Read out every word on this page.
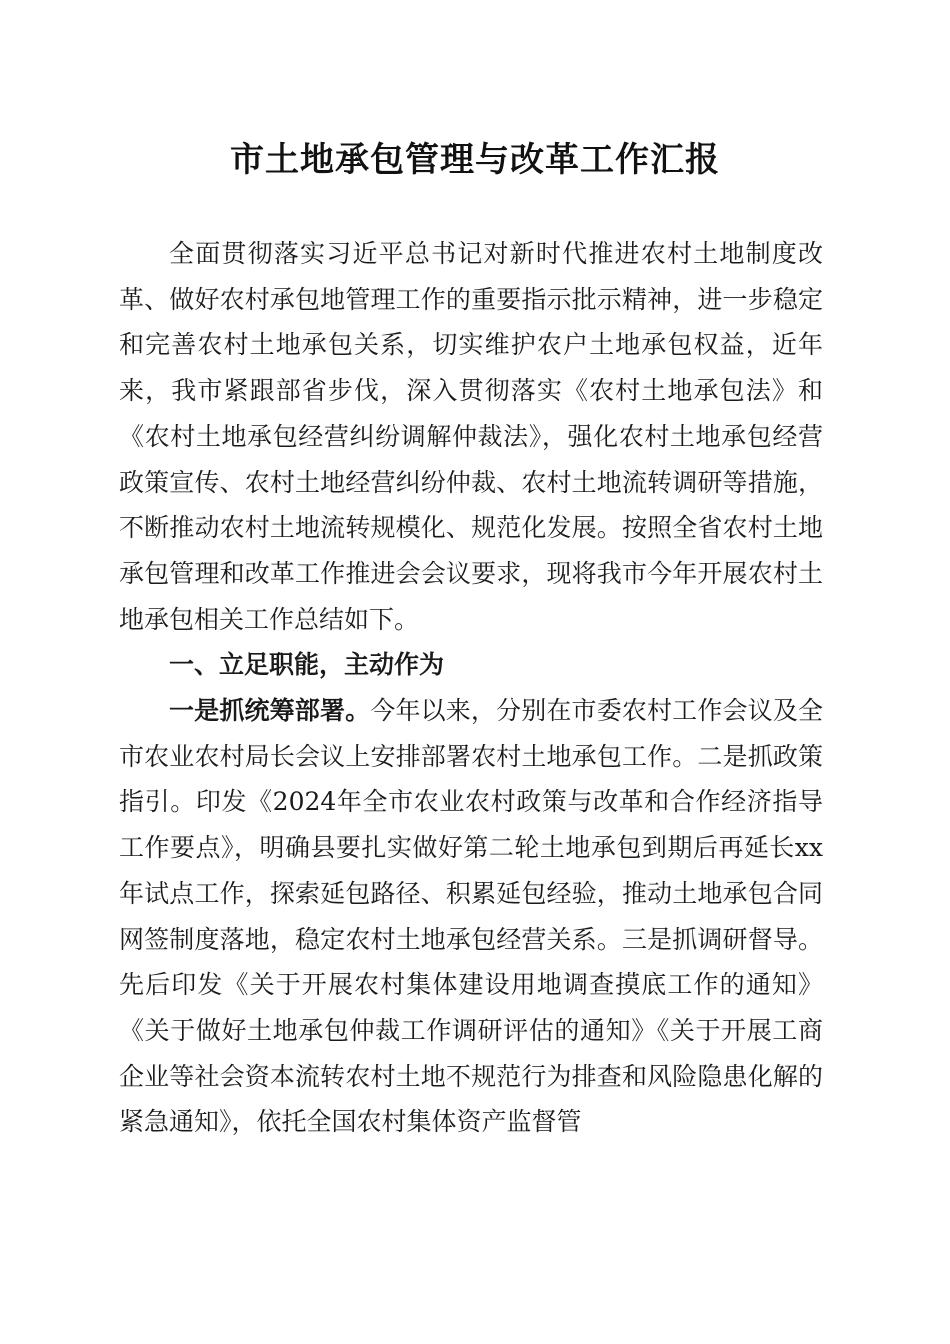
市土地承包管理与改革工作汇报

全面贯彻落实习近平总书记对新时代推进农村土地制度改革、做好农村承包地管理工作的重要指示批示精神，进一步稳定和完善农村土地承包关系，切实维护农户土地承包权益，近年来，我市紧跟部省步伐，深入贯彻落实《农村土地承包法》和《农村土地承包经营纠纷调解仲裁法》，强化农村土地承包经营政策宣传、农村土地经营纠纷仲裁、农村土地流转调研等措施，不断推动农村土地流转规模化、规范化发展。按照全省农村土地承包管理和改革工作推进会会议要求，现将我市今年开展农村土地承包相关工作总结如下。

一、立足职能，主动作为

一是抓统筹部署。今年以来，分别在市委农村工作会议及全市农业农村局长会议上安排部署农村土地承包工作。二是抓政策指引。印发《2024年全市农业农村政策与改革和合作经济指导工作要点》，明确县要扎实做好第二轮土地承包到期后再延长xx年试点工作，探索延包路径、积累延包经验，推动土地承包合同网签制度落地，稳定农村土地承包经营关系。三是抓调研督导。先后印发《关于开展农村集体建设用地调查摸底工作的通知》《关于做好土地承包仲裁工作调研评估的通知》《关于开展工商企业等社会资本流转农村土地不规范行为排查和风险隐患化解的紧急通知》，依托全国农村集体资产监督管
